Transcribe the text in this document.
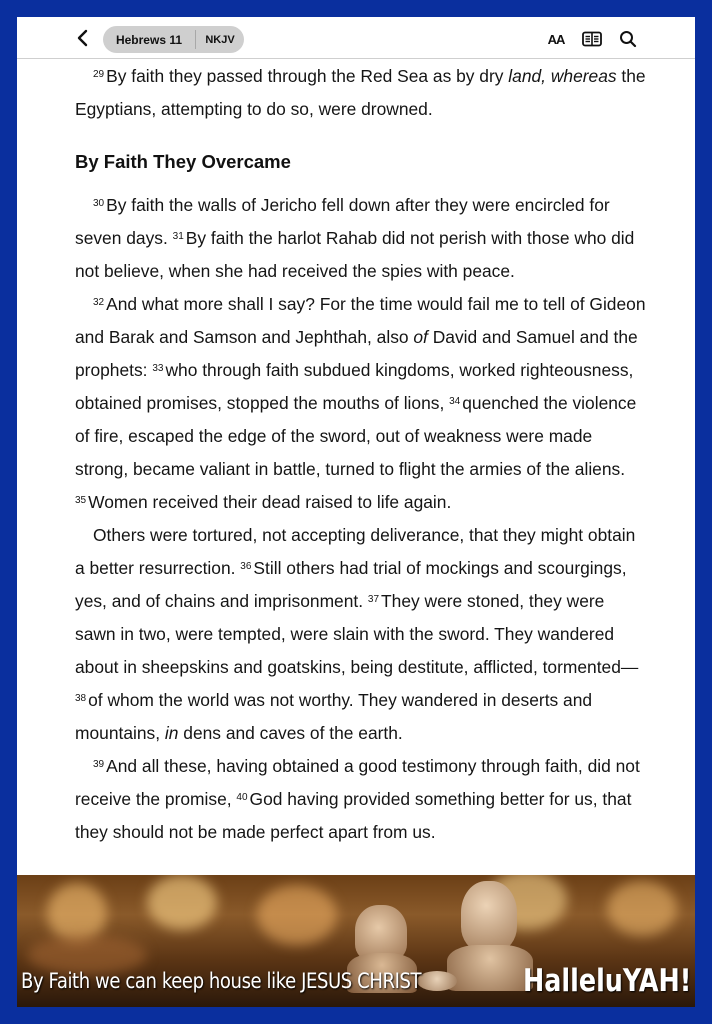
Hebrews 11	NKJV	AA

$^{29}$ By faith they passed through the Red Sea as by dry land, whereas the Egyptians, attempting to do so, were drowned.

By Faith They Overcame

$^{30}$ By faith the walls of Jericho fell down after they were encircled for seven days. $^{31}$ By faith the harlot Rahab did not perish with those who did not believe, when she had received the spies with peace.

$^{32}$ And what more shall I say? For the time would fail me to tell of Gideon and Barak and Samson and Jephthah, also of David and Samuel and the prophets: $^{33}$ who through faith subdued kingdoms, worked righteousness, obtained promises, stopped the mouths of lions, $^{34}$ quenched the violence of fire, escaped the edge of the sword, out of weakness were made strong, became valiant in battle, turned to flight the armies of the aliens. $^{35}$ Women received their dead raised to life again.

Others were tortured, not accepting deliverance, that they might obtain a better resurrection. $^{36}$ Still others had trial of mockings and scourgings, yes, and of chains and imprisonment. $^{37}$ They were stoned, they were sawn in two, were tempted, were slain with the sword. They wandered about in sheepskins and goatskins, being destitute, afflicted, tormented— $^{38}$ of whom the world was not worthy. They wandered in deserts and mountains, in dens and caves of the earth.

$^{39}$ And all these, having obtained a good testimony through faith, did not receive the promise, $^{40}$ God having provided something better for us, that they should not be made perfect apart from us.

By Faith we can keep house like JESUS CHRIST	HalleluYAH!
